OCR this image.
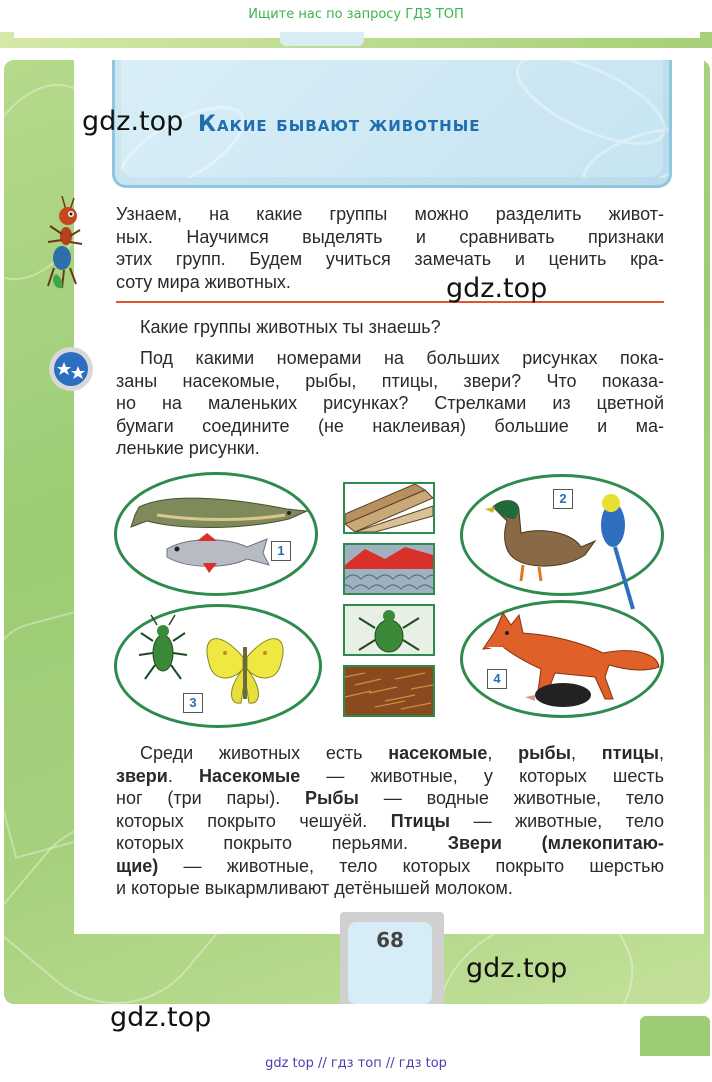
Ищите нас по запросу ГДЗ ТОП
Какие бывают животные
Узнаем, на какие группы можно разделить живот-
ных. Научимся выделять и сравнивать признаки
этих групп. Будем учиться замечать и ценить кра-
соту мира животных.
Какие группы животных ты знаешь?
Под какими номерами на больших рисунках пока-
заны насекомые, рыбы, птицы, звери? Что показа-
но на маленьких рисунках? Стрелками из цветной
бумаги соедините (не наклеивая) большие и ма-
ленькие рисунки.
1
2
3
4
Среди животных есть насекомые, рыбы, птицы,
звери. Насекомые — животные, у которых шесть
ног (три пары). Рыбы — водные животные, тело
которых покрыто чешуёй. Птицы — животные, тело
которых покрыто перьями. Звери (млекопитаю-
щие) — животные, тело которых покрыто шерстью
и которые выкармливают детёнышей молоком.
68
gdz.top
gdz.top
gdz.top
gdz.top
gdz top // гдз топ // гдз top
